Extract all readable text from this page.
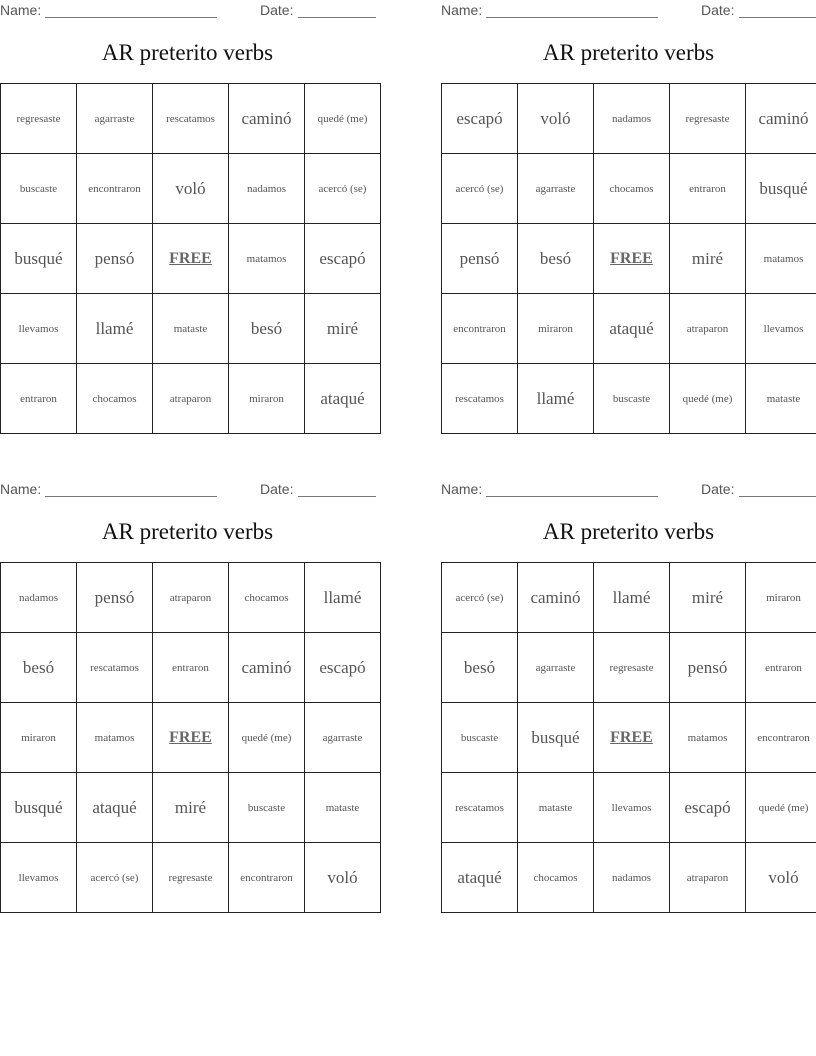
Name:	Date:
AR preterito verbs
regresaste	agarraste	rescatamos	caminó	quedé (me)
buscaste	encontraron	voló	nadamos	acercó (se)
busqué	pensó	FREE	matamos	escapó
llevamos	llamé	mataste	besó	miré
entraron	chocamos	atraparon	miraron	ataqué
Name:	Date:
AR preterito verbs
escapó	voló	nadamos	regresaste	caminó
acercó (se)	agarraste	chocamos	entraron	busqué
pensó	besó	FREE	miré	matamos
encontraron	miraron	ataqué	atraparon	llevamos
rescatamos	llamé	buscaste	quedé (me)	mataste
Name:	Date:
AR preterito verbs
nadamos	pensó	atraparon	chocamos	llamé
besó	rescatamos	entraron	caminó	escapó
miraron	matamos	FREE	quedé (me)	agarraste
busqué	ataqué	miré	buscaste	mataste
llevamos	acercó (se)	regresaste	encontraron	voló
Name:	Date:
AR preterito verbs
acercó (se)	caminó	llamé	miré	miraron
besó	agarraste	regresaste	pensó	entraron
buscaste	busqué	FREE	matamos	encontraron
rescatamos	mataste	llevamos	escapó	quedé (me)
ataqué	chocamos	nadamos	atraparon	voló
